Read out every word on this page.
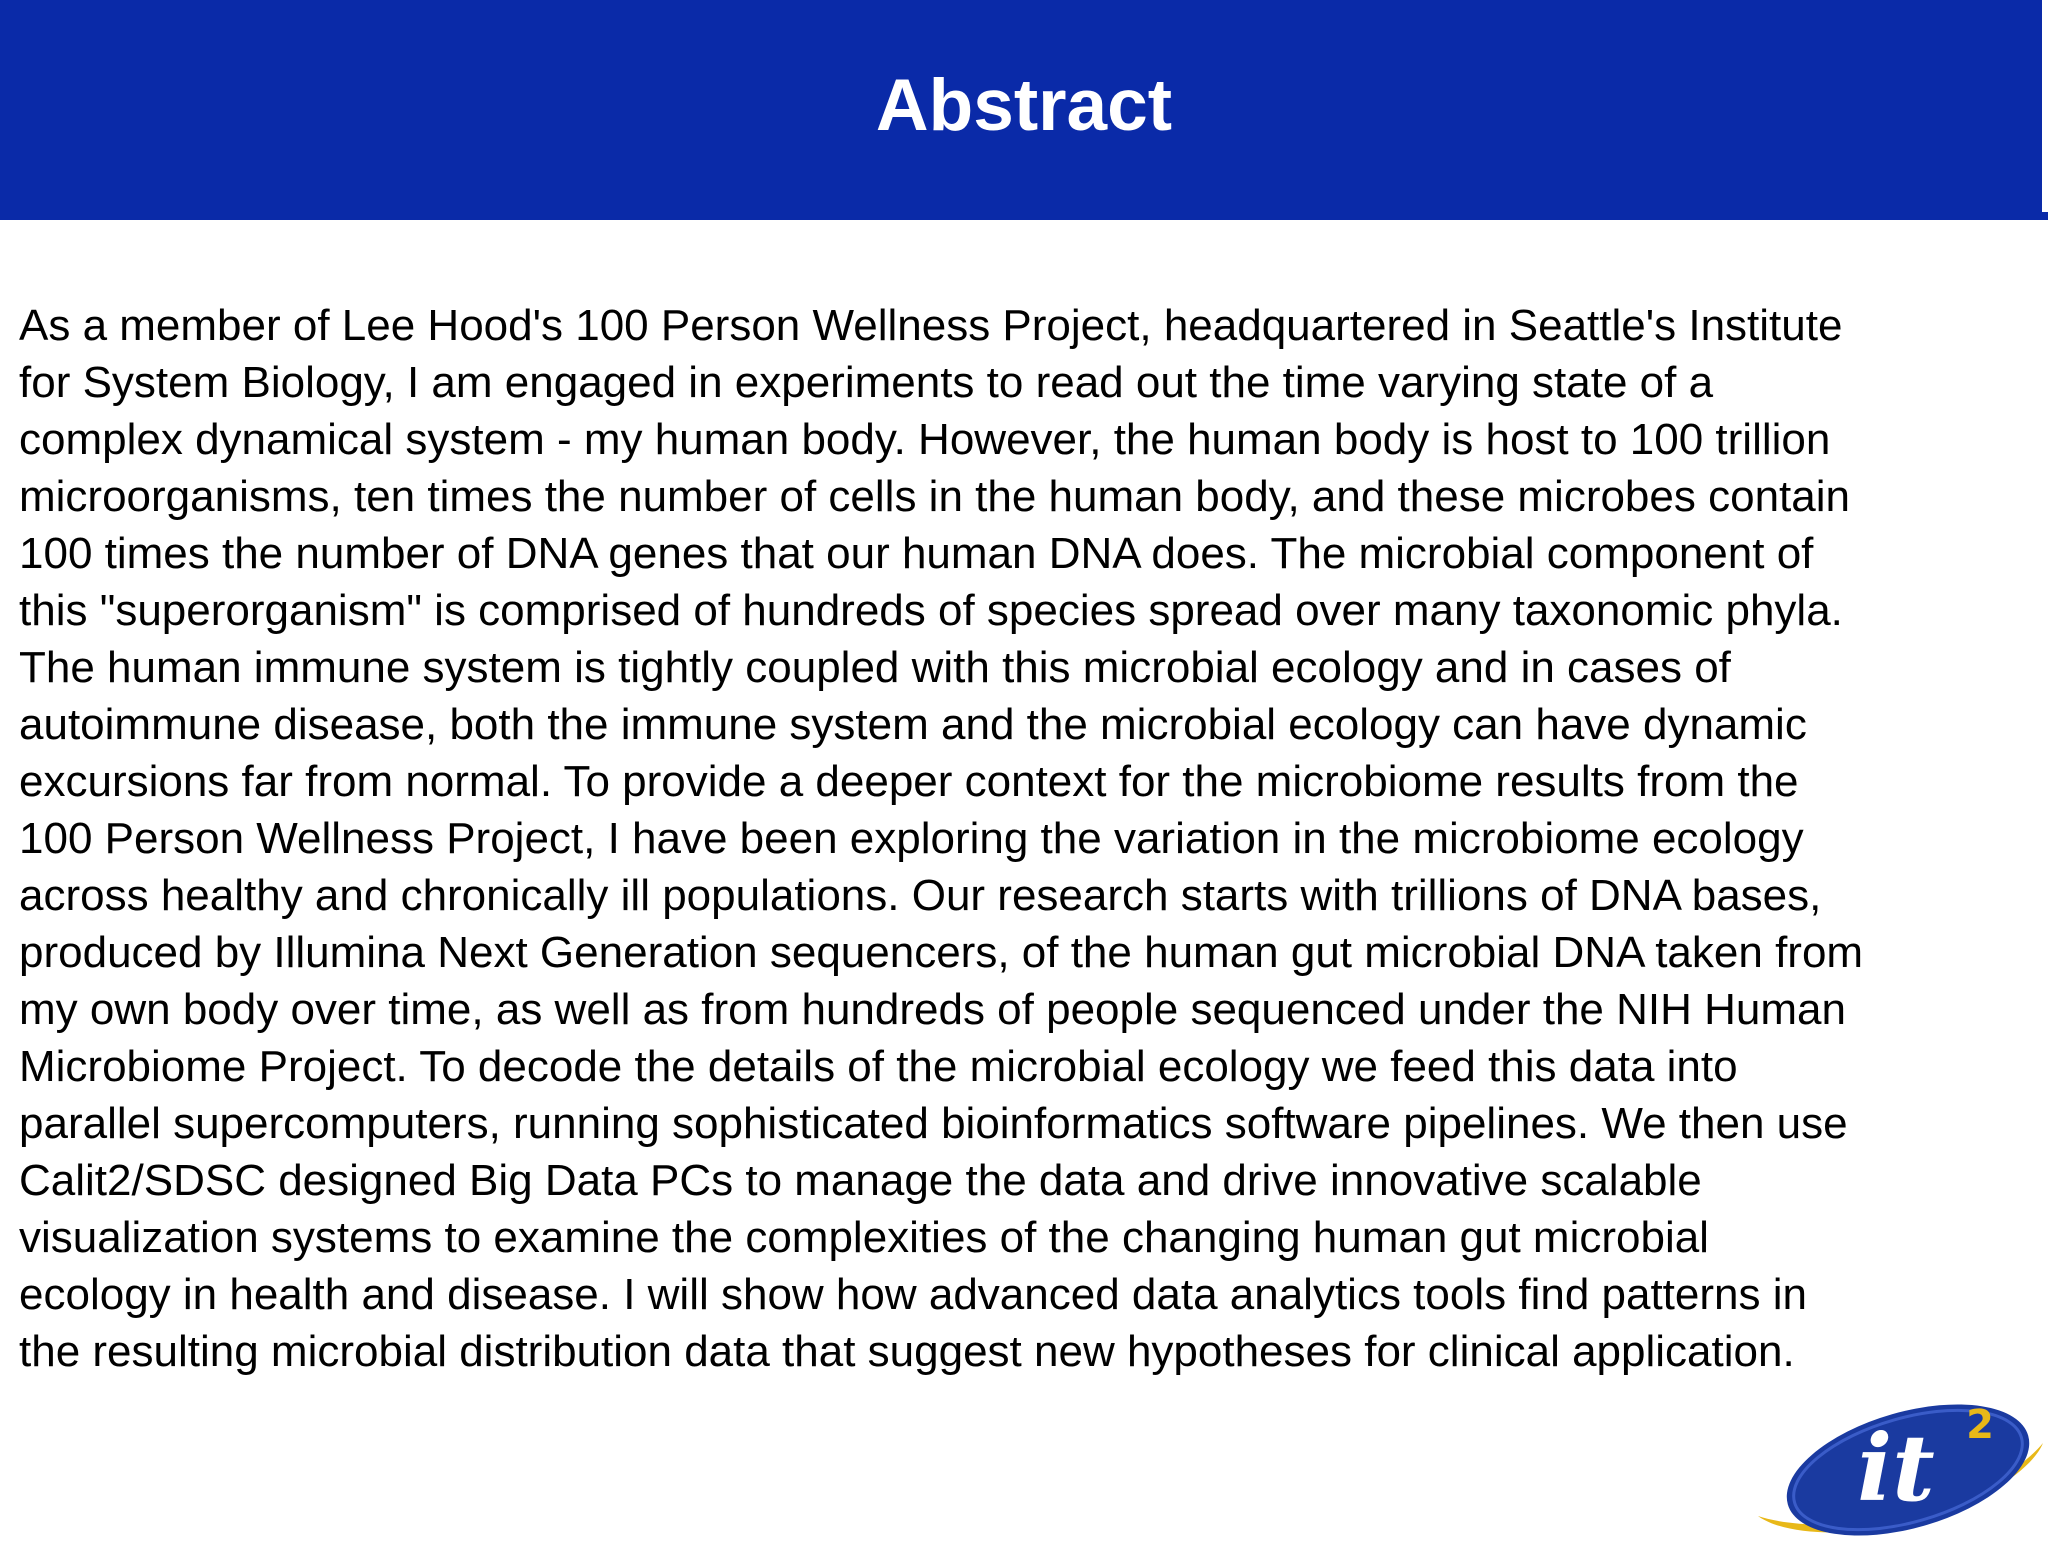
Abstract
As a member of Lee Hood's 100 Person Wellness Project, headquartered in Seattle's Institute
for System Biology, I am engaged in experiments to read out the time varying state of a
complex dynamical system - my human body. However, the human body is host to 100 trillion
microorganisms, ten times the number of cells in the human body, and these microbes contain
100 times the number of DNA genes that our human DNA does. The microbial component of
this "superorganism" is comprised of hundreds of species spread over many taxonomic phyla.
The human immune system is tightly coupled with this microbial ecology and in cases of
autoimmune disease, both the immune system and the microbial ecology can have dynamic
excursions far from normal. To provide a deeper context for the microbiome results from the
100 Person Wellness Project, I have been exploring the variation in the microbiome ecology
across healthy and chronically ill populations. Our research starts with trillions of DNA bases,
produced by Illumina Next Generation sequencers, of the human gut microbial DNA taken from
my own body over time, as well as from hundreds of people sequenced under the NIH Human
Microbiome Project. To decode the details of the microbial ecology we feed this data into
parallel supercomputers, running sophisticated bioinformatics software pipelines. We then use
Calit2/SDSC designed Big Data PCs to manage the data and drive innovative scalable
visualization systems to examine the complexities of the changing human gut microbial
ecology in health and disease. I will show how advanced data analytics tools find patterns in
the resulting microbial distribution data that suggest new hypotheses for clinical application.
it 2
